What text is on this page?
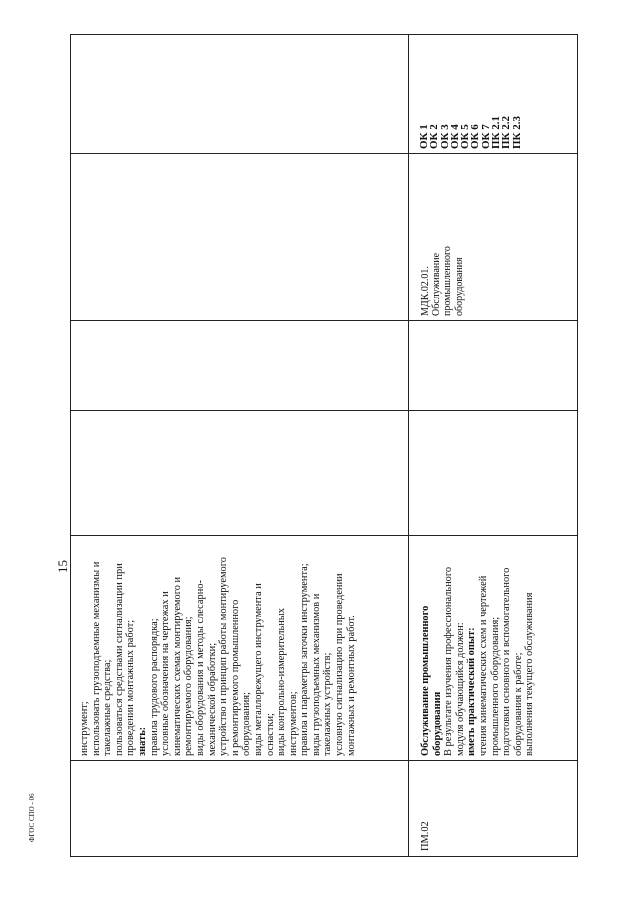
15
ФГОС СПО - 06
ОК 1
ОК 2
ОК 3
ОК 4
ОК 5
ОК 6
ОК 7
ПК 2.1
ПК 2.2
ПК 2.3
МДК.02.01. Обслуживание промышленного оборудования
инструмент; использовать грузоподъемные механизмы и такелажные средства; пользоваться средствами сигнализации при проведении монтажных работ; знать: правила трудового распорядка; условные обозначения на чертежах и кинематических схемах монтируемого и ремонтируемого оборудования; виды оборудования и методы слесарно- механической обработки; устройство и принцип работы монтируемого и ремонтируемого промышленного оборудования; виды металлорежущего инструмента и оснастки; виды контрольно-измерительных инструментов; правила и параметры заточки инструмента; виды грузоподъемных механизмов и такелажных устройств; условную сигнализацию при проведении монтажных и ремонтных работ.	Обслуживание промышленного оборудования В результате изучения профессионального модуля обучающийся должен: иметь практический опыт: чтения кинематических схем и чертежей промышленного оборудования; подготовки основного и вспомогательного оборудования к работе; выполнения текущего обслуживания
ПМ.02
